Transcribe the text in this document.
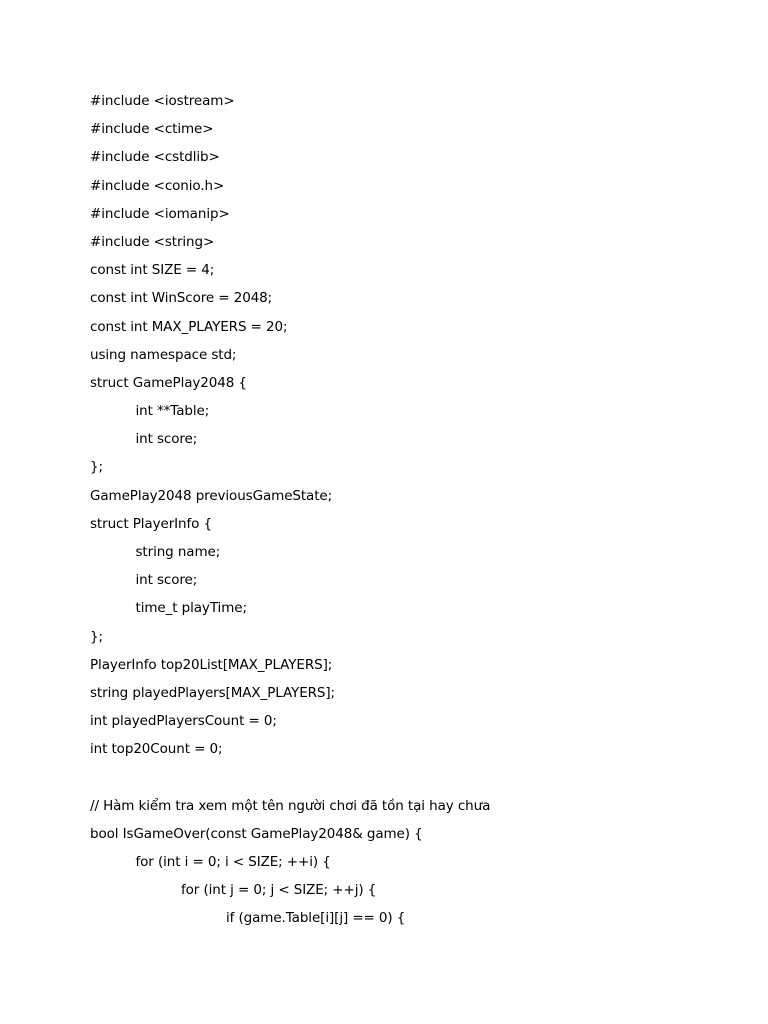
#include <iostream>
#include <ctime>
#include <cstdlib>
#include <conio.h>
#include <iomanip>
#include <string>
const int SIZE = 4;
const int WinScore = 2048;
const int MAX_PLAYERS = 20;
using namespace std;
struct GamePlay2048 {
int **Table;
int score;
};
GamePlay2048 previousGameState;
struct PlayerInfo {
string name;
int score;
time_t playTime;
};
PlayerInfo top20List[MAX_PLAYERS];
string playedPlayers[MAX_PLAYERS];
int playedPlayersCount = 0;
int top20Count = 0;
// Hàm kiểm tra xem một tên người chơi đã tồn tại hay chưa
bool IsGameOver(const GamePlay2048& game) {
for (int i = 0; i < SIZE; ++i) {
for (int j = 0; j < SIZE; ++j) {
if (game.Table[i][j] == 0) {
